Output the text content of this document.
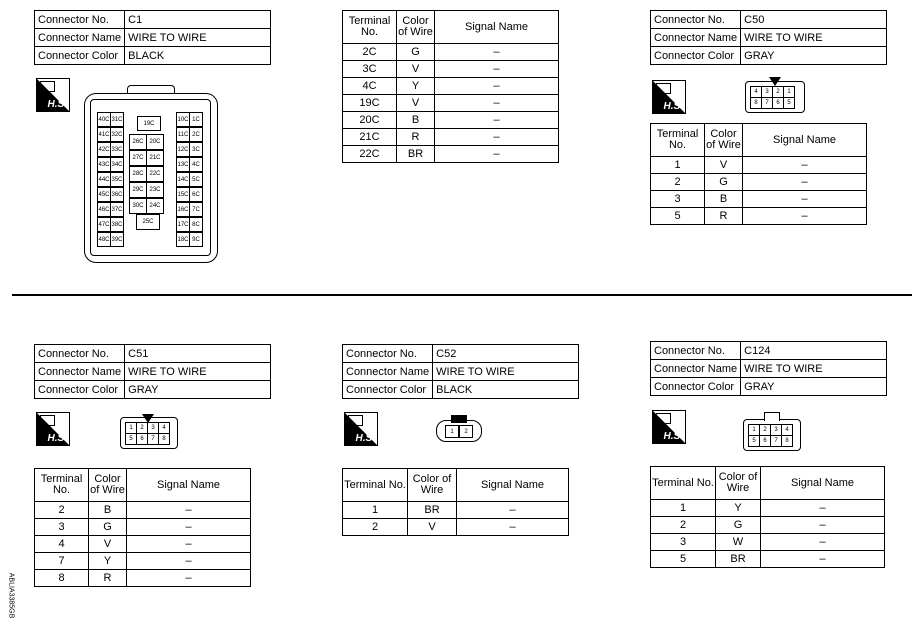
Connector No.	C1
Connector Name	WIRE TO WIRE
Connector Color	BLACK
H.S.
40C 31C
41C 32C
42C 33C
43C 34C
44C 35C
45C 36C
46C 37C
47C 38C
48C 39C
19C
26C 20C
27C 21C
28C 22C
29C 23C
30C 24C
25C
10C 1C
11C 2C
12C 3C
13C 4C
14C 5C
15C 6C
16C 7C
17C 8C
18C 9C
Terminal No.	Color of Wire	Signal Name
2C	G	–
3C	V	–
4C	Y	–
19C	V	–
20C	B	–
21C	R	–
22C	BR	–
Connector No.	C50
Connector Name	WIRE TO WIRE
Connector Color	GRAY
H.S.
4	3	2	1
8	7	6	5
Terminal No.	Color of Wire	Signal Name
1	V	–
2	G	–
3	B	–
5	R	–
Connector No.	C51
Connector Name	WIRE TO WIRE
Connector Color	GRAY
H.S.
1	2	3	4
5	6	7	8
Terminal No.	Color of Wire	Signal Name
2	B	–
3	G	–
4	V	–
7	Y	–
8	R	–
Connector No.	C52
Connector Name	WIRE TO WIRE
Connector Color	BLACK
H.S.
1	2
Terminal No.	Color of Wire	Signal Name
1	BR	–
2	V	–
Connector No.	C124
Connector Name	WIRE TO WIRE
Connector Color	GRAY
H.S.
1	2	3	4
5	6	7	8
Terminal No.	Color of Wire	Signal Name
1	Y	–
2	G	–
3	W	–
5	BR	–
ABLIA3385GB
